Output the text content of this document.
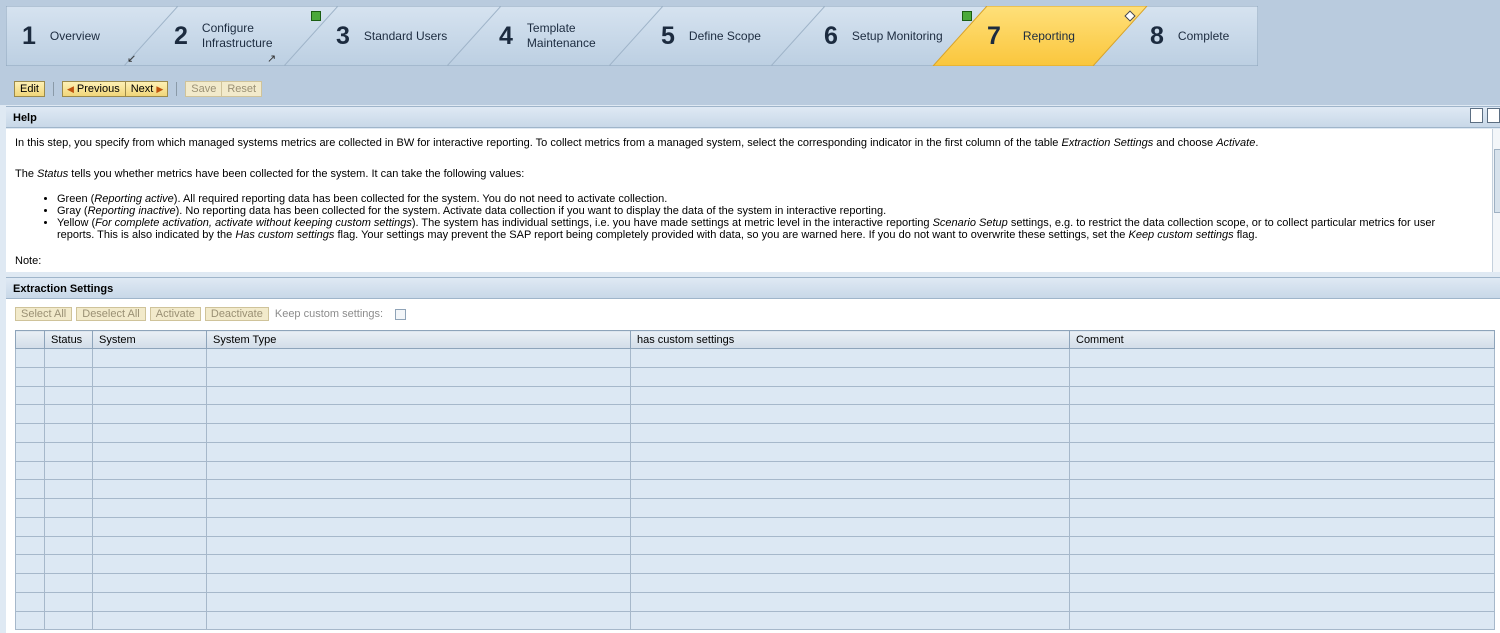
1 Overview	2 Configure Infrastructure	3 Standard Users 4 Template Maintenance	5 Define Scope	6 Setup Monitoring 7 Reporting	8 Complete
↙	↗
Edit	◀ Previous Next ▶	Save Reset
Help

In this step, you specify from which managed systems metrics are collected in BW for interactive reporting. To collect metrics from a managed system, select the corresponding indicator in the first column of the table Extraction Settings and choose Activate.

The Status tells you whether metrics have been collected for the system. It can take the following values:

• Green (Reporting active). All required reporting data has been collected for the system. You do not need to activate collection.
• Gray (Reporting inactive). No reporting data has been collected for the system. Activate data collection if you want to display the data of the system in interactive reporting.
• Yellow (For complete activation, activate without keeping custom settings). The system has individual settings, i.e. you have made settings at metric level in the interactive reporting Scenario Setup settings, e.g. to restrict the data collection scope, or to collect particular metrics for user reports. This is also indicated by the Has custom settings flag. Your settings may prevent the SAP report being completely provided with data, so you are warned here. If you do not want to overwrite these settings, set the Keep custom settings flag.

Note:

Extraction Settings
Select All Deselect All Activate Deactivate Keep custom settings:
	Status	System	System Type	has custom settings	Comment
